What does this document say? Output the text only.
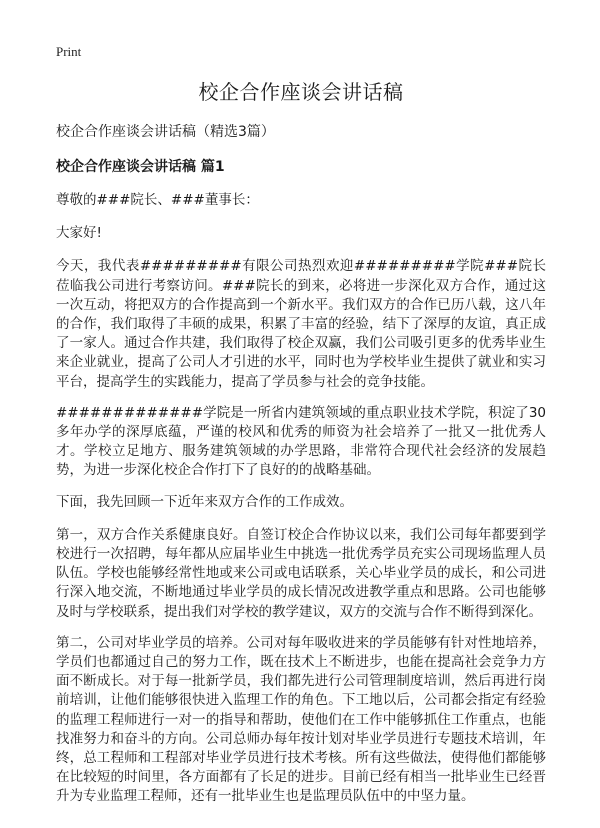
Print
校企合作座谈会讲话稿

校企合作座谈会讲话稿（精选3篇）

校企合作座谈会讲话稿 篇1

尊敬的###院长、###董事长：

大家好!

今天，我代表#########有限公司热烈欢迎#########学院###院长莅临我公司进行考察访问。###院长的到来，必将进一步深化双方合作，通过这一次互动，将把双方的合作提高到一个新水平。我们双方的合作已历八载，这八年的合作，我们取得了丰硕的成果，积累了丰富的经验，结下了深厚的友谊，真正成了一家人。通过合作共建，我们取得了校企双赢，我们公司吸引更多的优秀毕业生来企业就业，提高了公司人才引进的水平，同时也为学校毕业生提供了就业和实习平台，提高学生的实践能力，提高了学员参与社会的竞争技能。

#############学院是一所省内建筑领域的重点职业技术学院，积淀了30多年办学的深厚底蕴，严谨的校风和优秀的师资为社会培养了一批又一批优秀人才。学校立足地方、服务建筑领域的办学思路，非常符合现代社会经济的发展趋势，为进一步深化校企合作打下了良好的的战略基础。

下面，我先回顾一下近年来双方合作的工作成效。

第一，双方合作关系健康良好。自签订校企合作协议以来，我们公司每年都要到学校进行一次招聘，每年都从应届毕业生中挑选一批优秀学员充实公司现场监理人员队伍。学校也能够经常性地或来公司或电话联系，关心毕业学员的成长，和公司进行深入地交流，不断地通过毕业学员的成长情况改进教学重点和思路。公司也能够及时与学校联系，提出我们对学校的教学建议，双方的交流与合作不断得到深化。

第二，公司对毕业学员的培养。公司对每年吸收进来的学员能够有针对性地培养，学员们也都通过自己的努力工作，既在技术上不断进步，也能在提高社会竞争力方面不断成长。对于每一批新学员，我们都先进行公司管理制度培训，然后再进行岗前培训，让他们能够很快进入监理工作的角色。下工地以后，公司都会指定有经验的监理工程师进行一对一的指导和帮助，使他们在工作中能够抓住工作重点，也能找准努力和奋斗的方向。公司总师办每年按计划对毕业学员进行专题技术培训，年终，总工程师和工程部对毕业学员进行技术考核。所有这些做法，使得他们都能够在比较短的时间里，各方面都有了长足的进步。目前已经有相当一批毕业生已经晋升为专业监理工程师，还有一批毕业生也是监理员队伍中的中坚力量。
